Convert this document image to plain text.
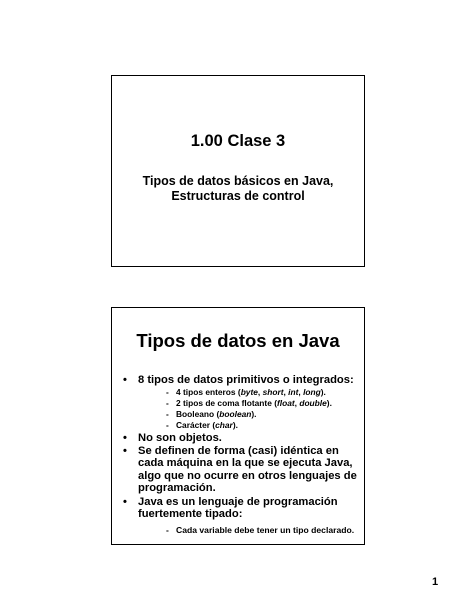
1.00 Clase 3
Tipos de datos básicos en Java,
Estructuras de control
Tipos de datos en Java
• 8 tipos de datos primitivos o integrados:
- 4 tipos enteros (byte, short, int, long).
- 2 tipos de coma flotante (float, double).
- Booleano (boolean).
- Carácter (char).
• No son objetos.
• Se definen de forma (casi) idéntica en
cada máquina en la que se ejecuta Java,
algo que no ocurre en otros lenguajes de
programación.
• Java es un lenguaje de programación
fuertemente tipado:
- Cada variable debe tener un tipo declarado.
1
